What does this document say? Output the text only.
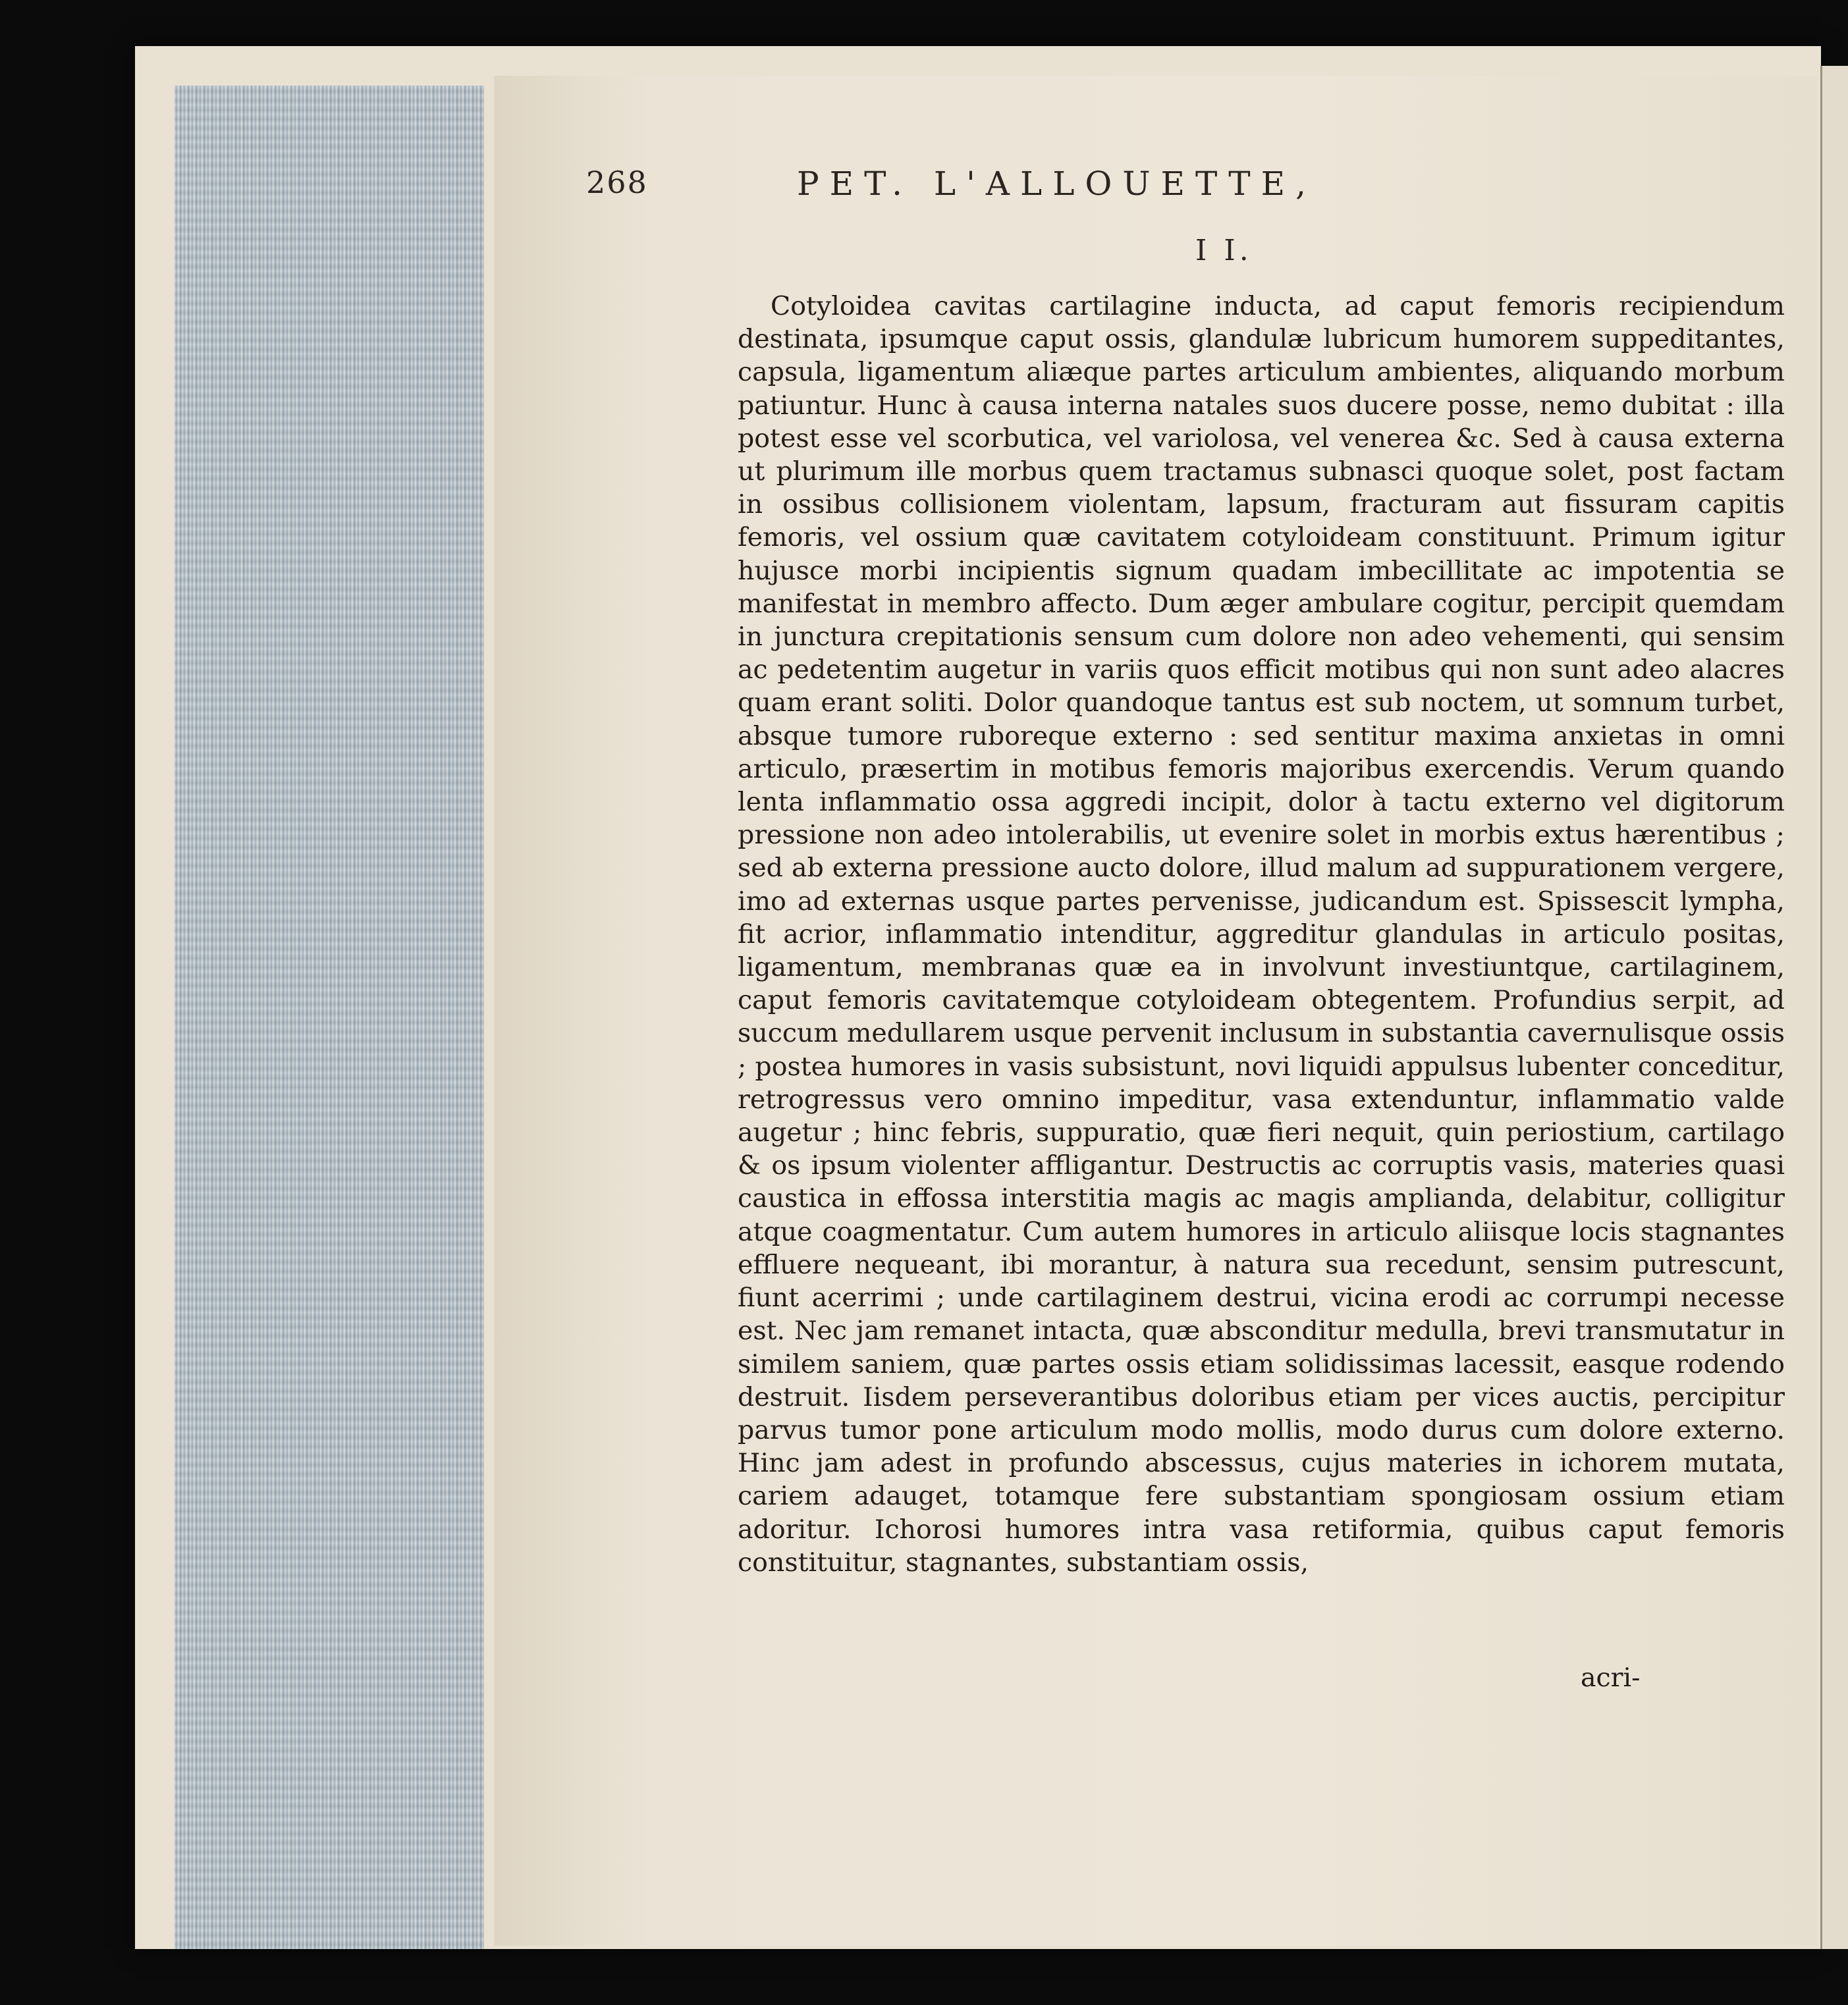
268	PET. L'ALLOUETTE,
I I.

Cotyloidea cavitas cartilagine inducta, ad caput femoris recipiendum destinata, ipsumque caput ossis, glandulæ lubricum humorem suppeditantes, capsula, ligamentum aliæque partes articulum ambientes, aliquando morbum patiuntur. Hunc à causa interna natales suos ducere posse, nemo dubitat : illa potest esse vel scorbutica, vel variolosa, vel venerea &c. Sed à causa externa ut plurimum ille morbus quem tractamus subnasci quoque solet, post factam in ossibus collisionem violentam, lapsum, fracturam aut fissuram capitis femoris, vel ossium quæ cavitatem cotyloideam constituunt. Primum igitur hujusce morbi incipientis signum quadam imbecillitate ac impotentia se manifestat in membro affecto. Dum æger ambulare cogitur, percipit quemdam in junctura crepitationis sensum cum dolore non adeo vehementi, qui sensim ac pedetentim augetur in variis quos efficit motibus qui non sunt adeo alacres quam erant soliti. Dolor quandoque tantus est sub noctem, ut somnum turbet, absque tumore ruboreque externo : sed sentitur maxima anxietas in omni articulo, præsertim in motibus femoris majoribus exercendis. Verum quando lenta inflammatio ossa aggredi incipit, dolor à tactu externo vel digitorum pressione non adeo intolerabilis, ut evenire solet in morbis extus hærentibus ; sed ab externa pressione aucto dolore, illud malum ad suppurationem vergere, imo ad externas usque partes pervenisse, judicandum est. Spissescit lympha, fit acrior, inflammatio intenditur, aggreditur glandulas in articulo positas, ligamentum, membranas quæ ea in involvunt investiuntque, cartilaginem, caput femoris cavitatemque cotyloideam obtegentem. Profundius serpit, ad succum medullarem usque pervenit inclusum in substantia cavernulisque ossis ; postea humores in vasis subsistunt, novi liquidi appulsus lubenter conceditur, retrogressus vero omnino impeditur, vasa extenduntur, inflammatio valde augetur ; hinc febris, suppuratio, quæ fieri nequit, quin periostium, cartilago & os ipsum violenter affligantur. Destructis ac corruptis vasis, materies quasi caustica in effossa interstitia magis ac magis amplianda, delabitur, colligitur atque coagmentatur. Cum autem humores in articulo aliisque locis stagnantes effluere nequeant, ibi morantur, à natura sua recedunt, sensim putrescunt, fiunt acerrimi ; unde cartilaginem destrui, vicina erodi ac corrumpi necesse est. Nec jam remanet intacta, quæ absconditur medulla, brevi transmutatur in similem saniem, quæ partes ossis etiam solidissimas lacessit, easque rodendo destruit. Iisdem perseverantibus doloribus etiam per vices auctis, percipitur parvus tumor pone articulum modo mollis, modo durus cum dolore externo. Hinc jam adest in profundo abscessus, cujus materies in ichorem mutata, cariem adauget, totamque fere substantiam spongiosam ossium etiam adoritur. Ichorosi humores intra vasa retiformia, quibus caput femoris constituitur, stagnantes, substantiam ossis,

acri-
